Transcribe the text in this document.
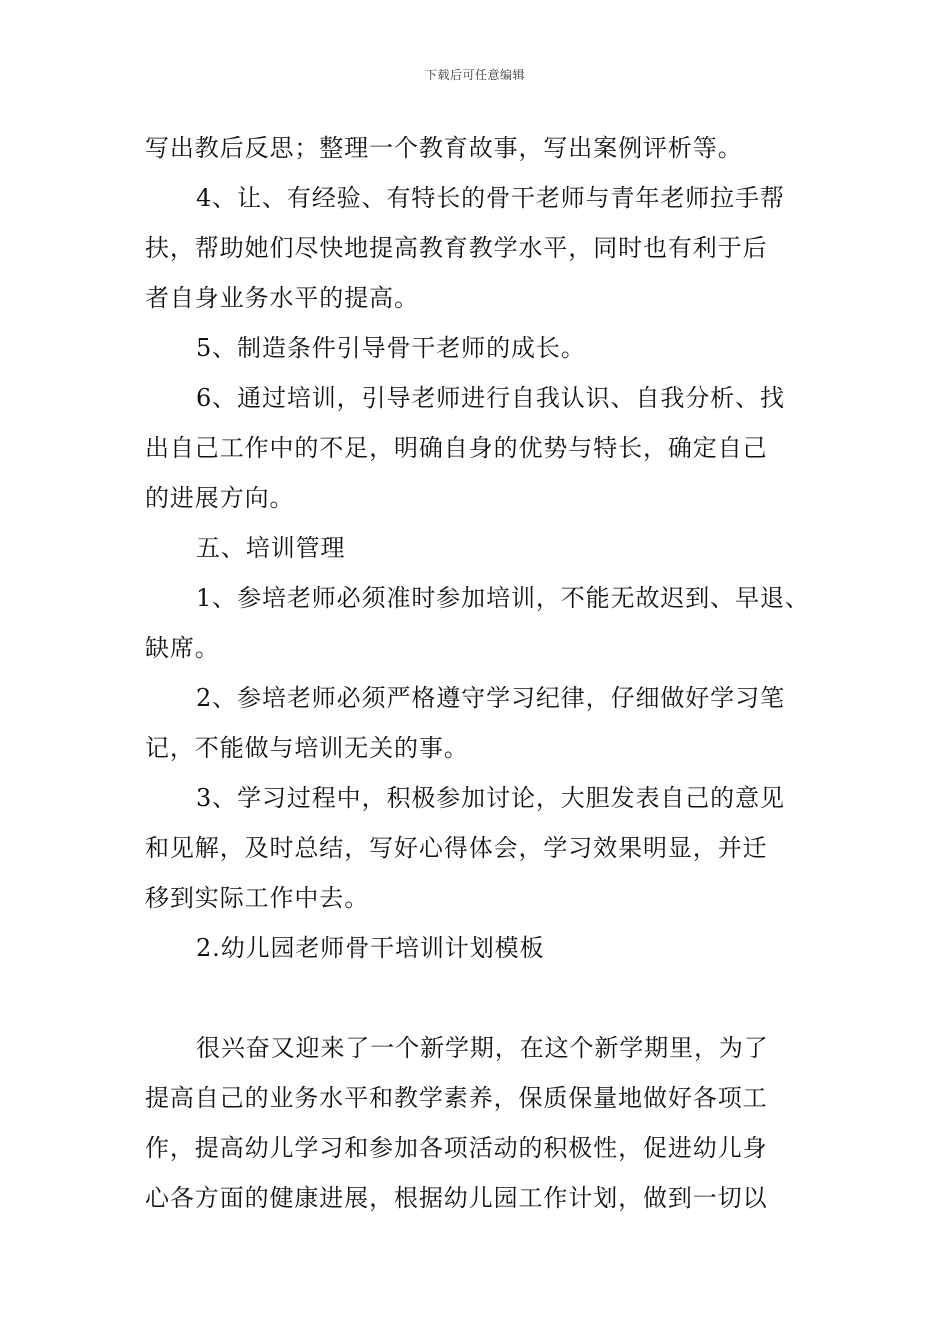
下载后可任意编辑
写出教后反思；整理一个教育故事，写出案例评析等。
4、让、有经验、有特长的骨干老师与青年老师拉手帮
扶，帮助她们尽快地提高教育教学水平，同时也有利于后
者自身业务水平的提高。
5、制造条件引导骨干老师的成长。
6、通过培训，引导老师进行自我认识、自我分析、找
出自己工作中的不足，明确自身的优势与特长，确定自己
的进展方向。
五、培训管理
1、参培老师必须准时参加培训，不能无故迟到、早退、
缺席。
2、参培老师必须严格遵守学习纪律，仔细做好学习笔
记，不能做与培训无关的事。
3、学习过程中，积极参加讨论，大胆发表自己的意见
和见解，及时总结，写好心得体会，学习效果明显，并迁
移到实际工作中去。
2.幼儿园老师骨干培训计划模板
很兴奋又迎来了一个新学期，在这个新学期里，为了
提高自己的业务水平和教学素养，保质保量地做好各项工
作，提高幼儿学习和参加各项活动的积极性，促进幼儿身
心各方面的健康进展，根据幼儿园工作计划，做到一切以
